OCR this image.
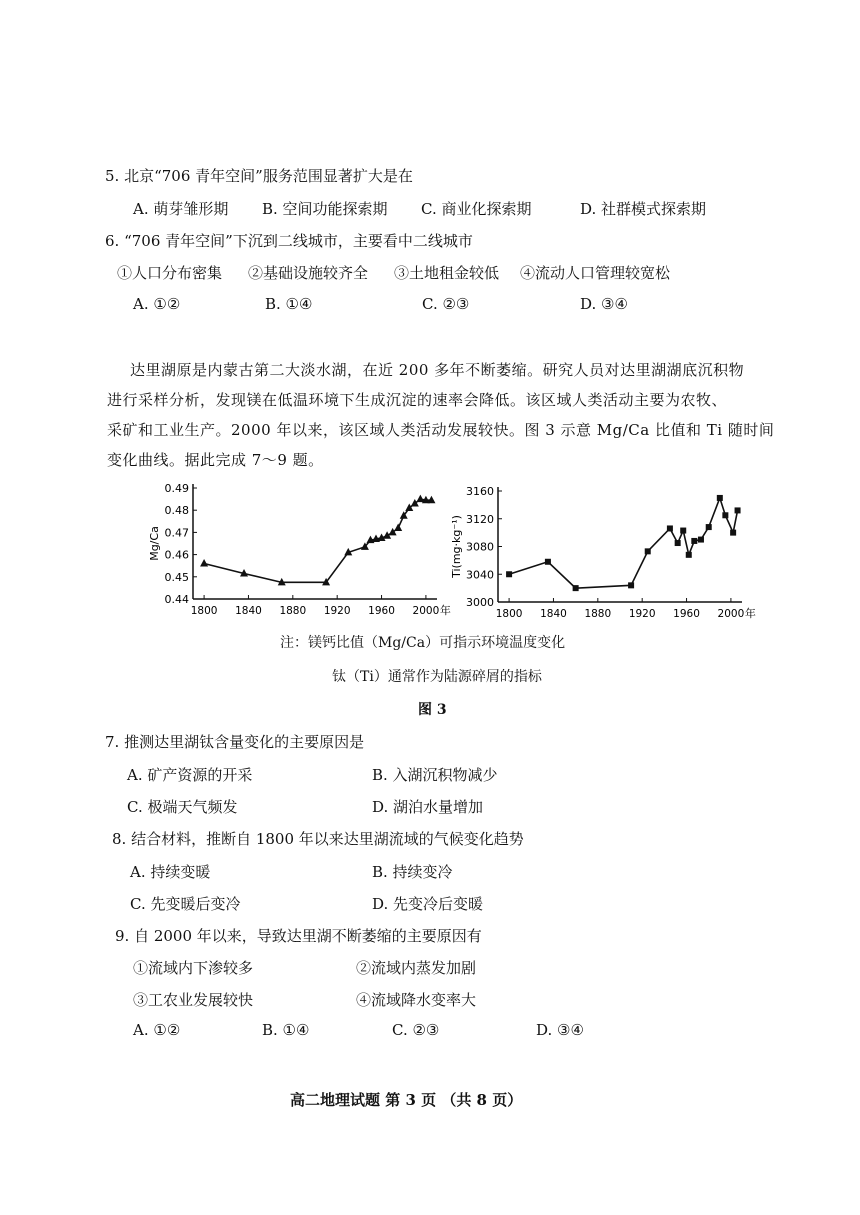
5. 北京“706 青年空间”服务范围显著扩大是在
A. 萌芽雏形期 B. 空间功能探索期 C. 商业化探索期	D. 社群模式探索期
6. “706 青年空间”下沉到二线城市，主要看中二线城市
①人口分布密集 ②基础设施较齐全 ③土地租金较低 ④流动人口管理较宽松
A. ①②	B. ①④	C. ②③	D. ③④
达里湖原是内蒙古第二大淡水湖，在近 200 多年不断萎缩。研究人员对达里湖湖底沉积物
进行采样分析，发现镁在低温环境下生成沉淀的速率会降低。该区域人类活动主要为农牧、
采矿和工业生产。2000 年以来，该区域人类活动发展较快。图 3 示意 Mg/Ca 比值和 Ti 随时间
变化曲线。据此完成 7～9 题。
0.44
0.45
0.46
0.47
0.48
0.49
1800 1840 1880 1920 1960 2000 年
Mg/Ca
3000
3040
3080
3120
3160
1800 1840 1880 1920 1960 2000 年
Ti(mg·kg⁻¹)
注：镁钙比值（Mg/Ca）可指示环境温度变化
钛（Ti）通常作为陆源碎屑的指标
图 3
7. 推测达里湖钛含量变化的主要原因是
A. 矿产资源的开采	B. 入湖沉积物减少
C. 极端天气频发	D. 湖泊水量增加
8. 结合材料，推断自 1800 年以来达里湖流域的气候变化趋势
A. 持续变暖	B. 持续变冷
C. 先变暖后变冷	D. 先变冷后变暖
9. 自 2000 年以来，导致达里湖不断萎缩的主要原因有
①流域内下渗较多	②流域内蒸发加剧
③工农业发展较快	④流域降水变率大
A. ①②	B. ①④	C. ②③	D. ③④
高二地理试题 第 3 页 （共 8 页）
